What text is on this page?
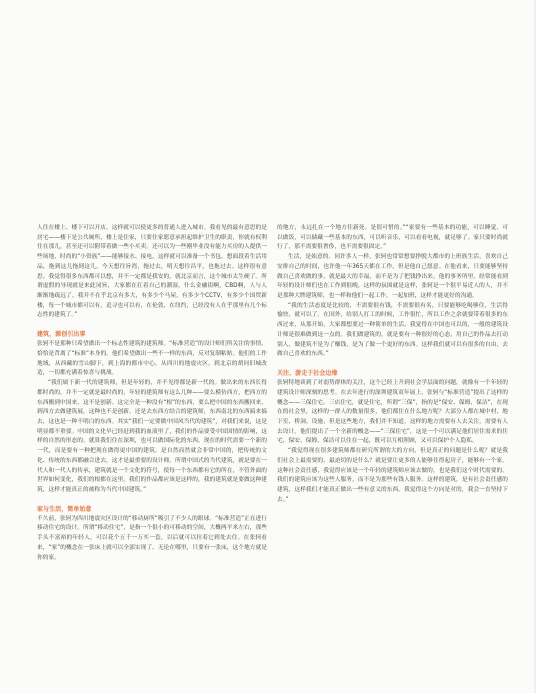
人往在楼上、楼下可以开店，这样就可以使更多的普通人进入城市。我看见的最有意思的是居宅——楼下是公共厕所，楼上是住家，只要住家愿意承担起维护卫生的职责，你就有权利住在那儿，甚至还可以附带着做一些小买卖。还可以为一些刚毕业没有能力买房的人提供一些场地，时尚的“小资族”——能够接水、接电，这样就可以准备一个书包，想面段着生活用品，拖到这儿拖到这儿。今天想往旨湾，拖过去，明天想往昌平，也拖过去。这样很有意思。我觉得很多东西都可以想，并不一定都是我安的，就北京而言，这个城市太生硬了。所谓虚假的导现就是来此词旨，大家都在扛着自己的潮湿，什么金融街啊，CBD啊，人与人渐渐地疏远了。我并不在乎北京有多大，有多少个马屋，有多少个CCTV，有多少个国贸新楼，每一个城市都可以有，追寻也可以有，在伦敦，在纽约，已经没有人在乎那里有几个标志性的建筑了。”

建筑，源创引出事

张轲不是那种只希望做出一个标志性建筑的建筑师。“标准营造”的设计师们所关注的事情，恰恰是背离了“标准”本身的。他们希望做出一些不一样的东西，反对复制粘贴。他们的工作地域，从西藏的雪山脚下，到上海的都市中心，从四川的地震灾区，到北京的胡同旧城改造，一切都充满着惊喜与挑战。

“我们属于新一代的建筑师，但是年轻的，并不见得都是新一代的。做出来的东西长得都时尚的，并不一定就是最时尚的，年轻的建筑师有这么几种——要么模仿西方，把西方的东西搬到中国来，这不是创新。这完全是一种没有“根”的东西，要么把中国的东西搬回来，到西方去做建筑展，这种也不是创新。还是去东西方结合的建筑师，东西南北的东西搞来搞去，这也是一种不明白的东西。其实“我们一定要做中国风当代的建筑”，对我们来说，这是明显都不重要。中国的文化早已经赶到我的血液里了，我们的作品要受中国国情的影响，这样的自然的形态的。就算我们住在深圳，也可以做国际化的东西。现在的时代需要一个新的一代，而是要有一种把现在做得更中国的建筑。是自然而然就会非常中国的，把传统的文化、传统的东西都融合进去，这才是最重要的设计师。所谓中国式的当代建筑，就是要在一代人和一代人的传承，建筑就是一个文化的符号，使每一个东西都有它的所在，不管外面的世界如何变化，我们的根都在这里。我们的作品都应该是这样的，我的建筑就是要做这种建筑，这样才能真正的被称为当代中国建筑。”

家与生活，简单始意

不久前，张轲为四川地震灾区设计的“移动厨所”吸引了不少人的眼球。“标准营造”正在进行移动住宅的设计。所谓“移动住宅”，是指一个很小的可移动的空间，大概两平米左右，那些手头不富裕的年轻人，可以花个五千一万买一套，以后就可以拉着它到处去住。在张轲看来，“家”的概念在一张床上就可以全部实现了。无论在哪里，只要有一张床，这个地方就是你的家。

的地方，永远扎在一个地方往新死。是很可惜的。”“家要有一些基本的功能，可以睡觉、可以做饭，可以储藏一些基本的东西，可以听音乐，可以看看电视，就足够了。家只要时尚就行了，那不需要很奢侈，也不需要很固定。”

生活，是始意的。同许多人一样，张轲也常常想要挣脱大都市的上班族生活，喜欢自己安排自己的时间，也许他一年365天都在工作，但是他自己愿意。在他看来，只要能够坚持做自己喜欢做的事，就是最大的幸福，而不是为了把钱挣出来，他的事务所里，经常能看到年轻的设计师们也在工作到很晚，这样的氛围就是这样，张轲是一个很平易近人的人，并不是那种大牌建筑师，也一样和他们一起工作，一起加班，这样才能更好的沟通。

“我的生活态度是比较的，不需要很有钱，不需要很有名，只要能够吃喝够住，生活得愉快、就可以了。在国外，给别人打工的时候，工作很忙，所以工作之余就要带着很多的东西过来，从那开始，大家都想要过一种简单的生活。我觉得在中国也可以的，一般的建筑设计师是很难做到这一点的。我们做建筑的，就是要有一种很好的心态，用自己的作品去打动别人，做建筑不是为了赚钱，是为了做一个更好的东西。这样我们就可以有很多的自由，去做自己喜欢的东西。”

关注、游走于社会边缘

张轲特地谈到了对弱势群体的关注，这个已经上升到社会学层面的问题，就像有一个年轻的建筑设计师深刻的思考。在去年进行的深圳建筑双年展上，张轲与“标准营造”提出了这样的概念——三保住宅。三店住宅，就是住宅，所谓“三保”，指的是“保安、保姆、保洁”，在现在的社会里，这样的一群人的数量很多，他们都住在什么地方呢？大部分人都在城中村、地下室、桥洞、设施，但是这些地方，我们并不知道。这样的地方需要有人去关注，需要有人去设计。他们提出了一个全新的概念——“三保住宅”，这是一个可以满足他们居住需求的住宅，保安、保姆、保洁可以住在一起，既可以互相照顾，又可以保护个人隐私。

“我觉得现在很多建筑师都在研究所谓的大的方向，但是真正的问题是什么呢？就是我们社会上最需要的、最迫切的是什么？就是要让更多的人能够住得起房子，能够有一个家。这种社会责任感，我觉得应该是一个年轻的建筑师应该去做的，也是我们这个时代需要的。我们的建筑应该为这些人服务，而不是为那些有钱人服务。这样的建筑，是有社会责任感的建筑，这样我们才能真正做出一些有意义的东西。我觉得这个方向是对的，我会一直坚持下去。”
